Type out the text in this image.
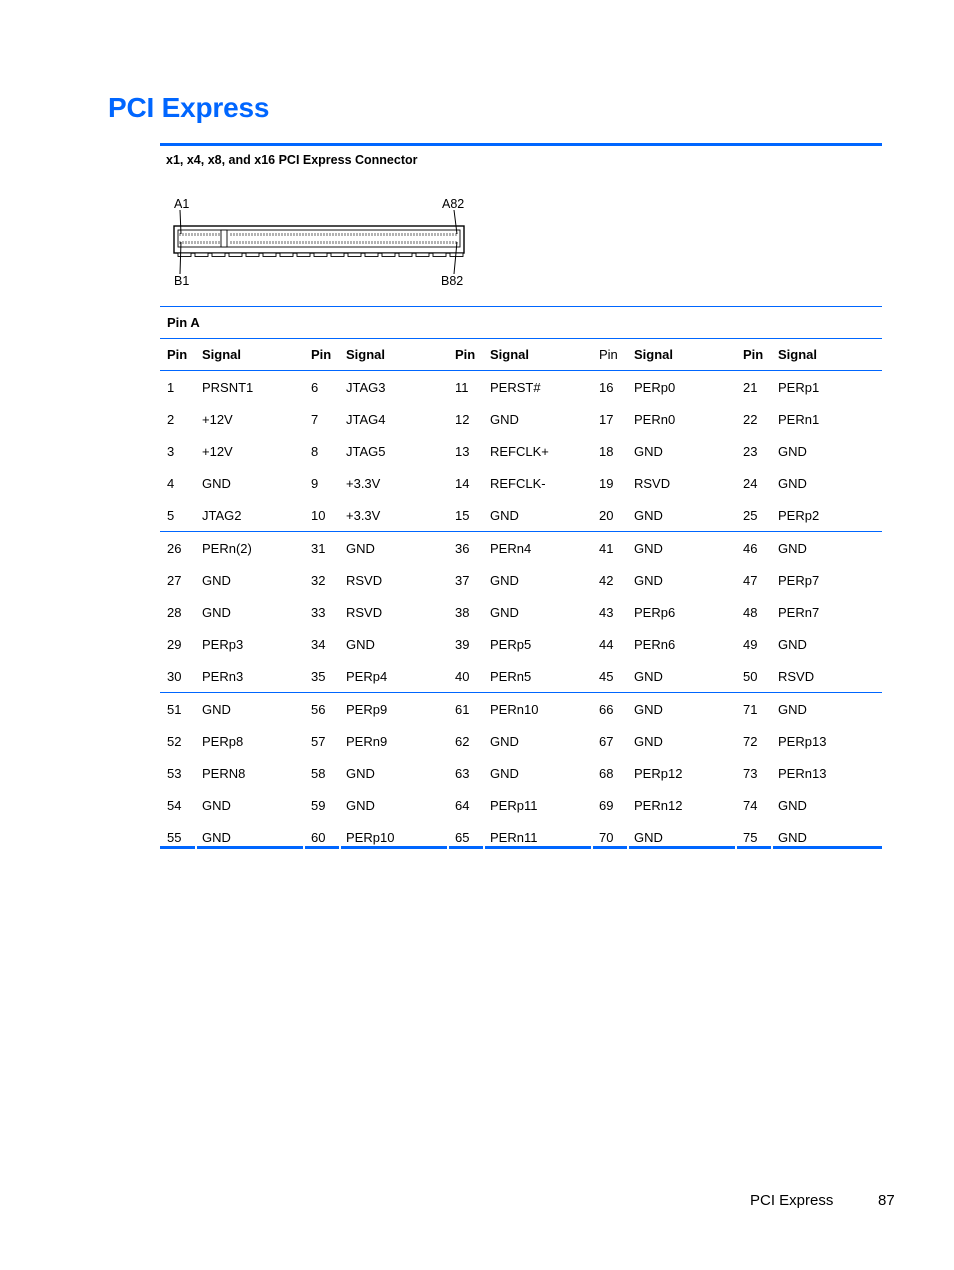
PCI Express
x1, x4, x8, and x16 PCI Express Connector
A1	A82
B1	B82
Pin A									
Pin	Signal	Pin	Signal	Pin	Signal	Pin	Signal	Pin	Signal
1	PRSNT1	6	JTAG3	11	PERST#	16	PERp0	21	PERp1
2	+12V	7	JTAG4	12	GND	17	PERn0	22	PERn1
3	+12V	8	JTAG5	13	REFCLK+	18	GND	23	GND
4	GND	9	+3.3V	14	REFCLK-	19	RSVD	24	GND
5	JTAG2	10	+3.3V	15	GND	20	GND	25	PERp2
26	PERn(2)	31	GND	36	PERn4	41	GND	46	GND
27	GND	32	RSVD	37	GND	42	GND	47	PERp7
28	GND	33	RSVD	38	GND	43	PERp6	48	PERn7
29	PERp3	34	GND	39	PERp5	44	PERn6	49	GND
30	PERn3	35	PERp4	40	PERn5	45	GND	50	RSVD
51	GND	56	PERp9	61	PERn10	66	GND	71	GND
52	PERp8	57	PERn9	62	GND	67	GND	72	PERp13
53	PERN8	58	GND	63	GND	68	PERp12	73	PERn13
54	GND	59	GND	64	PERp11	69	PERn12	74	GND
55	GND	60	PERp10	65	PERn11	70	GND	75	GND
PCI Express	87
